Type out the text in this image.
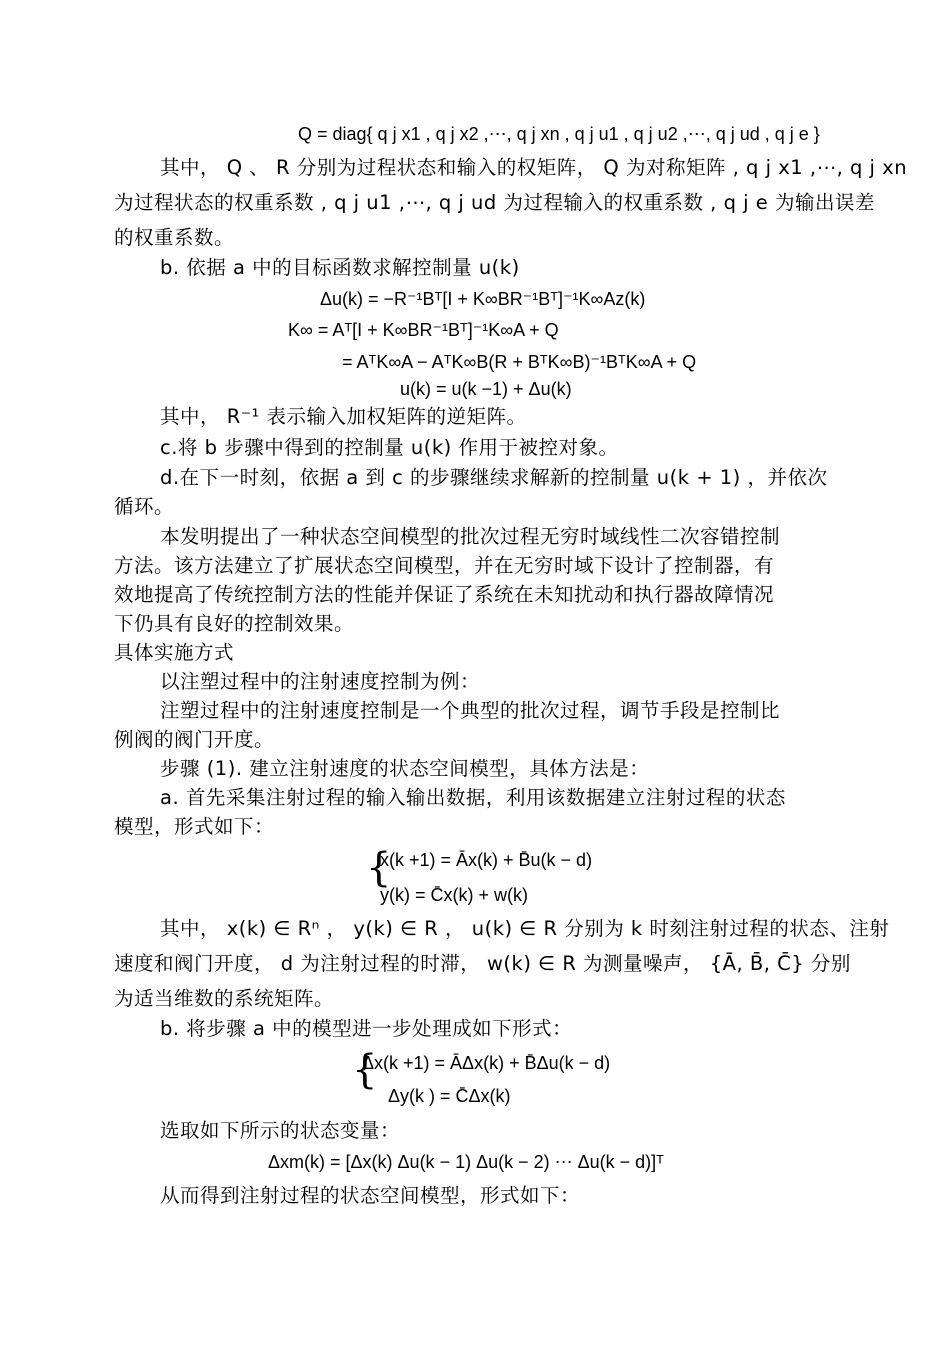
Q = diag{ q j x1 , q j x2 ,⋯, q j xn , q j u1 , q j u2 ,⋯, q j ud , q j e }
其中， Q 、 R 分别为过程状态和输入的权矩阵， Q 为对称矩阵 , q j x1 ,⋯, q j xn
为过程状态的权重系数 , q j u1 ,⋯, q j ud 为过程输入的权重系数 , q j e 为输出误差
的权重系数。
b. 依据 a 中的目标函数求解控制量 u(k)
Δu(k) = −R⁻¹Bᵀ[I + K∞BR⁻¹Bᵀ]⁻¹K∞Az(k)
K∞ = Aᵀ[I + K∞BR⁻¹Bᵀ]⁻¹K∞A + Q
= AᵀK∞A − AᵀK∞B(R + BᵀK∞B)⁻¹BᵀK∞A + Q
u(k) = u(k −1) + Δu(k)
其中， R⁻¹ 表示输入加权矩阵的逆矩阵。
c.将 b 步骤中得到的控制量 u(k) 作用于被控对象。
d.在下一时刻，依据 a 到 c 的步骤继续求解新的控制量 u(k + 1) ，并依次
循环。
本发明提出了一种状态空间模型的批次过程无穷时域线性二次容错控制
方法。该方法建立了扩展状态空间模型，并在无穷时域下设计了控制器，有
效地提高了传统控制方法的性能并保证了系统在未知扰动和执行器故障情况
下仍具有良好的控制效果。
具体实施方式
以注塑过程中的注射速度控制为例：
注塑过程中的注射速度控制是一个典型的批次过程，调节手段是控制比
例阀的阀门开度。
步骤 (1). 建立注射速度的状态空间模型，具体方法是：
a. 首先采集注射过程的输入输出数据，利用该数据建立注射过程的状态
模型，形式如下：
{
x(k +1) = Āx(k) + B̄u(k − d)
y(k) = C̄x(k) + w(k)
其中， x(k) ∈ Rⁿ ， y(k) ∈ R ， u(k) ∈ R 分别为 k 时刻注射过程的状态、注射
速度和阀门开度， d 为注射过程的时滞， w(k) ∈ R 为测量噪声， {Ā, B̄, C̄} 分别
为适当维数的系统矩阵。
b. 将步骤 a 中的模型进一步处理成如下形式：
{
Δx(k +1) = ĀΔx(k) + B̄Δu(k − d)
Δy(k ) = C̄Δx(k)
选取如下所示的状态变量：
Δxm(k) = [Δx(k) Δu(k − 1) Δu(k − 2) ⋯ Δu(k − d)]ᵀ
从而得到注射过程的状态空间模型，形式如下：
